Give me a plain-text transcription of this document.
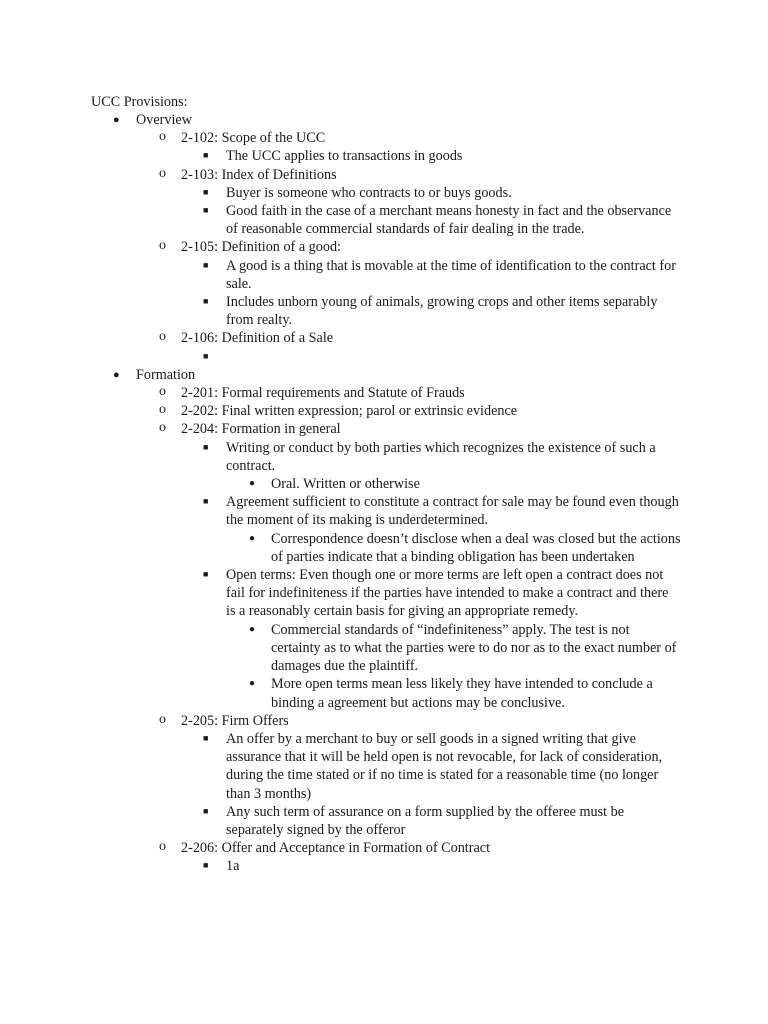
UCC Provisions:
● Overview
o 2-102: Scope of the UCC
■ The UCC applies to transactions in goods
o 2-103: Index of Definitions
■ Buyer is someone who contracts to or buys goods.
■ Good faith in the case of a merchant means honesty in fact and the observance of reasonable commercial standards of fair dealing in the trade.
o 2-105: Definition of a good:
■ A good is a thing that is movable at the time of identification to the contract for sale.
■ Includes unborn young of animals, growing crops and other items separably from realty.
o 2-106: Definition of a Sale
■

● Formation
o 2-201: Formal requirements and Statute of Frauds
o 2-202: Final written expression; parol or extrinsic evidence
o 2-204: Formation in general
■ Writing or conduct by both parties which recognizes the existence of such a contract.
● Oral. Written or otherwise
■ Agreement sufficient to constitute a contract for sale may be found even though the moment of its making is underdetermined.
● Correspondence doesn’t disclose when a deal was closed but the actions of parties indicate that a binding obligation has been undertaken
■ Open terms: Even though one or more terms are left open a contract does not fail for indefiniteness if the parties have intended to make a contract and there is a reasonably certain basis for giving an appropriate remedy.
● Commercial standards of “indefiniteness” apply. The test is not certainty as to what the parties were to do nor as to the exact number of damages due the plaintiff.
● More open terms mean less likely they have intended to conclude a binding a agreement but actions may be conclusive.
o 2-205: Firm Offers
■ An offer by a merchant to buy or sell goods in a signed writing that give assurance that it will be held open is not revocable, for lack of consideration, during the time stated or if no time is stated for a reasonable time (no longer than 3 months)
■ Any such term of assurance on a form supplied by the offeree must be separately signed by the offeror
o 2-206: Offer and Acceptance in Formation of Contract
■ 1a
